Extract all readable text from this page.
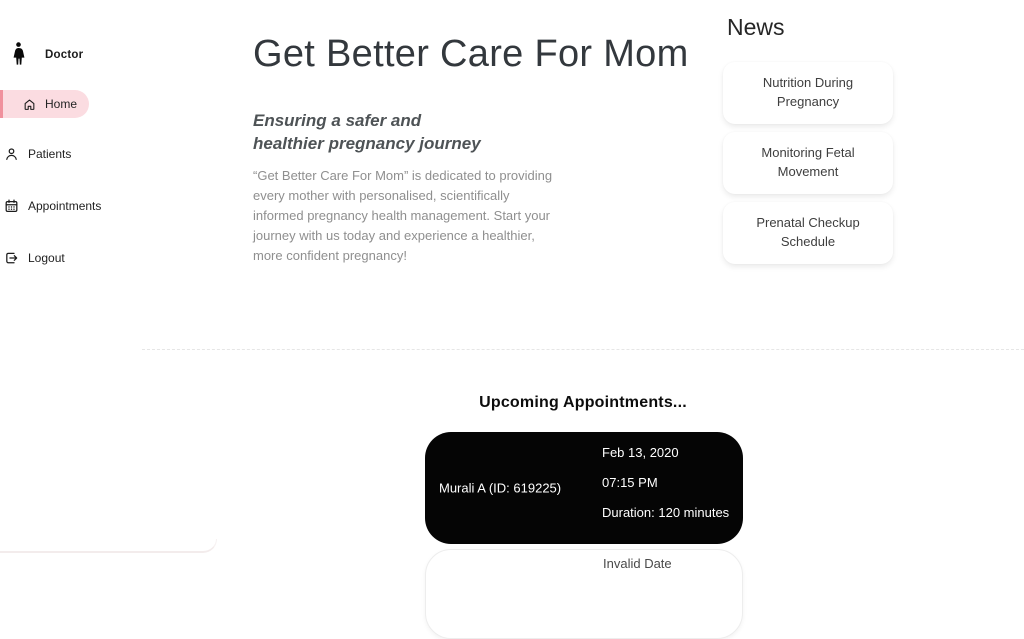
Doctor
Home
Patients
Appointments
Logout
Get Better Care For Mom
Ensuring a safer and healthier pregnancy journey

“Get Better Care For Mom” is dedicated to providing every mother with personalised, scientifically informed pregnancy health management. Start your journey with us today and experience a healthier, more confident pregnancy!

News
Nutrition During Pregnancy
Monitoring Fetal Movement
Prenatal Checkup Schedule
Upcoming Appointments...
Murali A (ID: 619225)
Feb 13, 2020
07:15 PM
Duration: 120 minutes
Invalid Date
